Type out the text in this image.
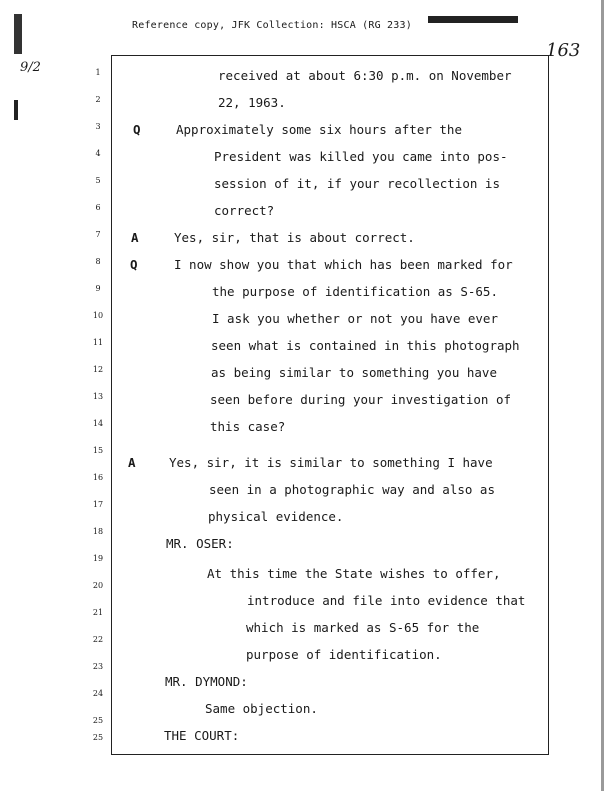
Reference copy, JFK Collection: HSCA (RG 233)
163
9/2	1
2
3
4
5
6
7
8
9
10
11
12
13
14
15
16
17
18
19
20
21
22
23
24
25
25
Q
A
Q
A
received at about 6:30 p.m. on November
22, 1963.
Approximately some six hours after the
President was killed you came into pos-
session of it, if your recollection is
correct?
Yes, sir, that is about correct.
I now show you that which has been marked for
the purpose of identification as S-65.
I ask you whether or not you have ever
seen what is contained in this photograph
as being similar to something you have
seen before during your investigation of
this case?
Yes, sir, it is similar to something I have
seen in a photographic way and also as
physical evidence.
MR. OSER:
At this time the State wishes to offer,
introduce and file into evidence that
which is marked as S-65 for the
purpose of identification.
MR. DYMOND:
Same objection.
THE COURT:
